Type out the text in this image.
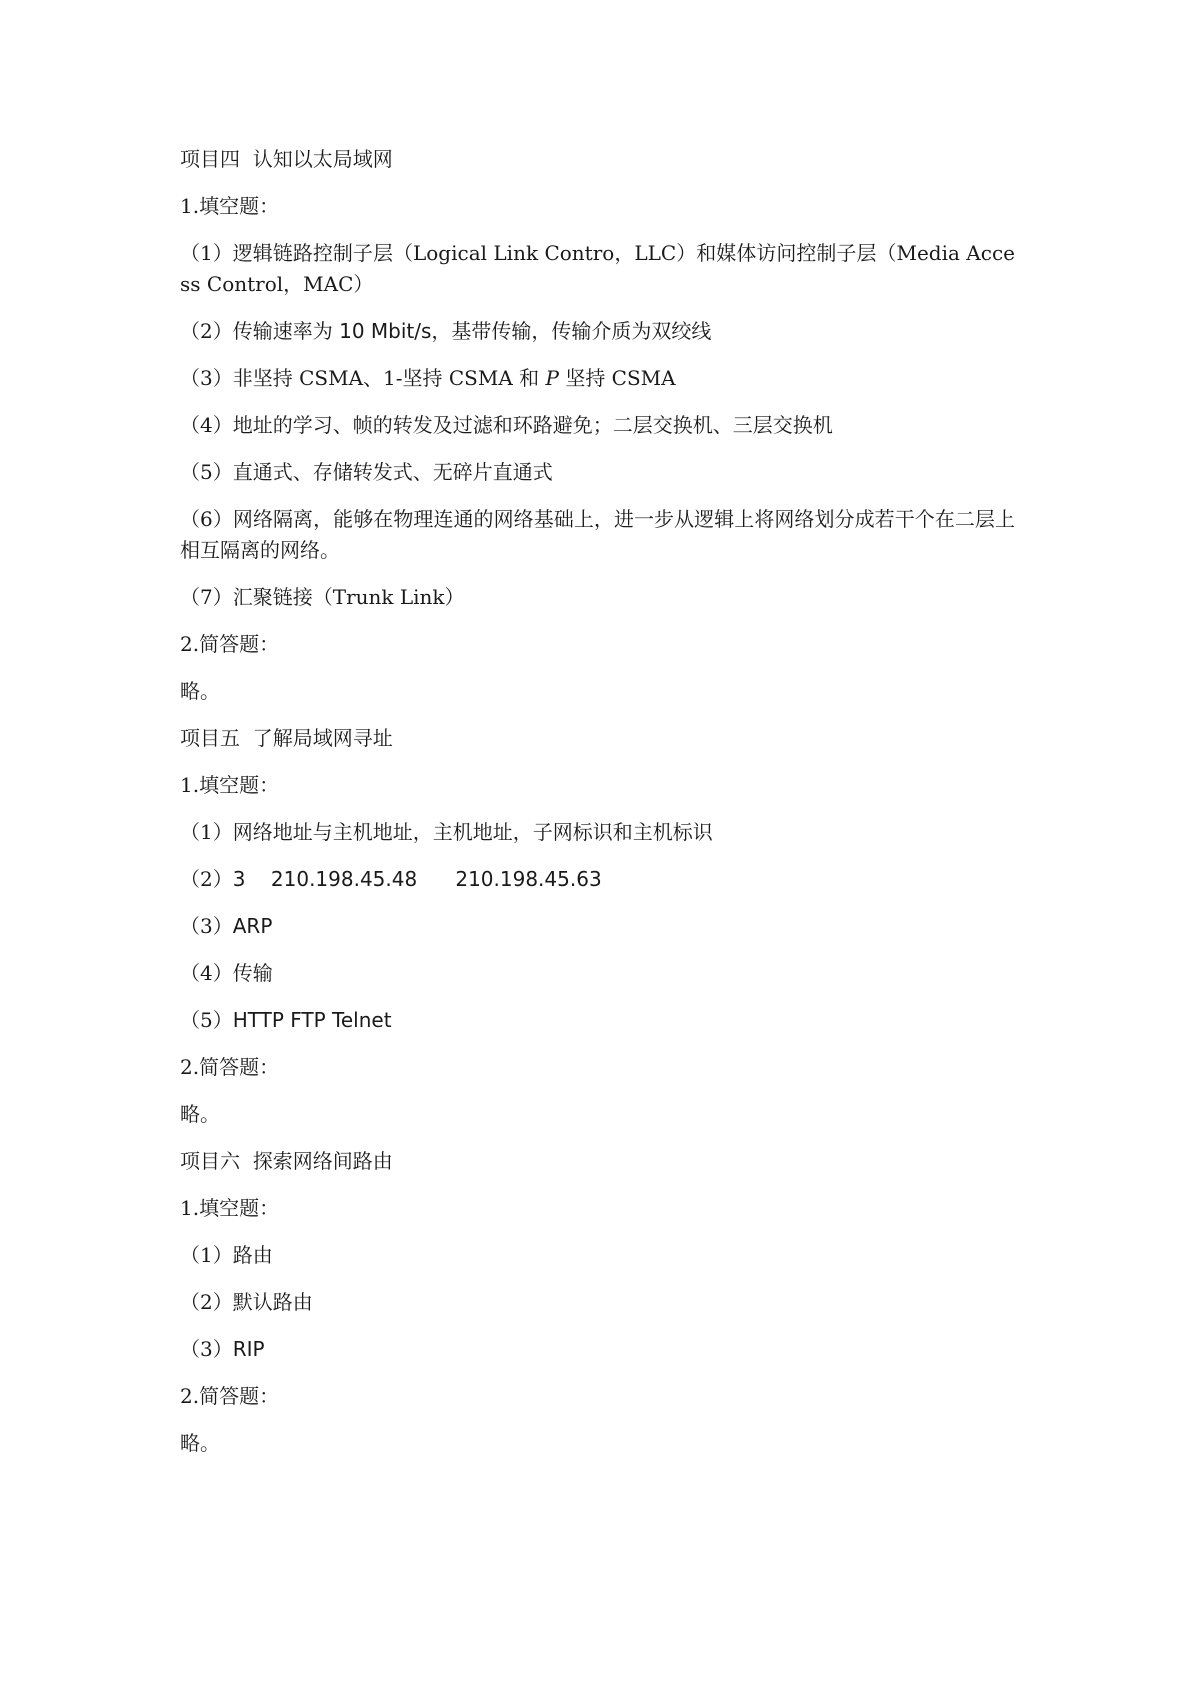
项目四  认知以太局域网

1.填空题：

（1）逻辑链路控制子层（Logical Link Contro，LLC）和媒体访问控制子层（Media Access Control，MAC）

（2）传输速率为 10 Mbit/s，基带传输，传输介质为双绞线

（3）非坚持 CSMA、1-坚持 CSMA 和 P 坚持 CSMA

（4）地址的学习、帧的转发及过滤和环路避免；二层交换机、三层交换机

（5）直通式、存储转发式、无碎片直通式

（6）网络隔离，能够在物理连通的网络基础上，进一步从逻辑上将网络划分成若干个在二层上相互隔离的网络。

（7）汇聚链接（Trunk Link）

2.简答题：

略。

项目五  了解局域网寻址

1.填空题：

（1）网络地址与主机地址，主机地址，子网标识和主机标识

（2）3    210.198.45.48      210.198.45.63

（3）ARP

（4）传输

（5）HTTP FTP Telnet

2.简答题：

略。

项目六  探索网络间路由

1.填空题：

（1）路由

（2）默认路由

（3）RIP

2.简答题：

略。
